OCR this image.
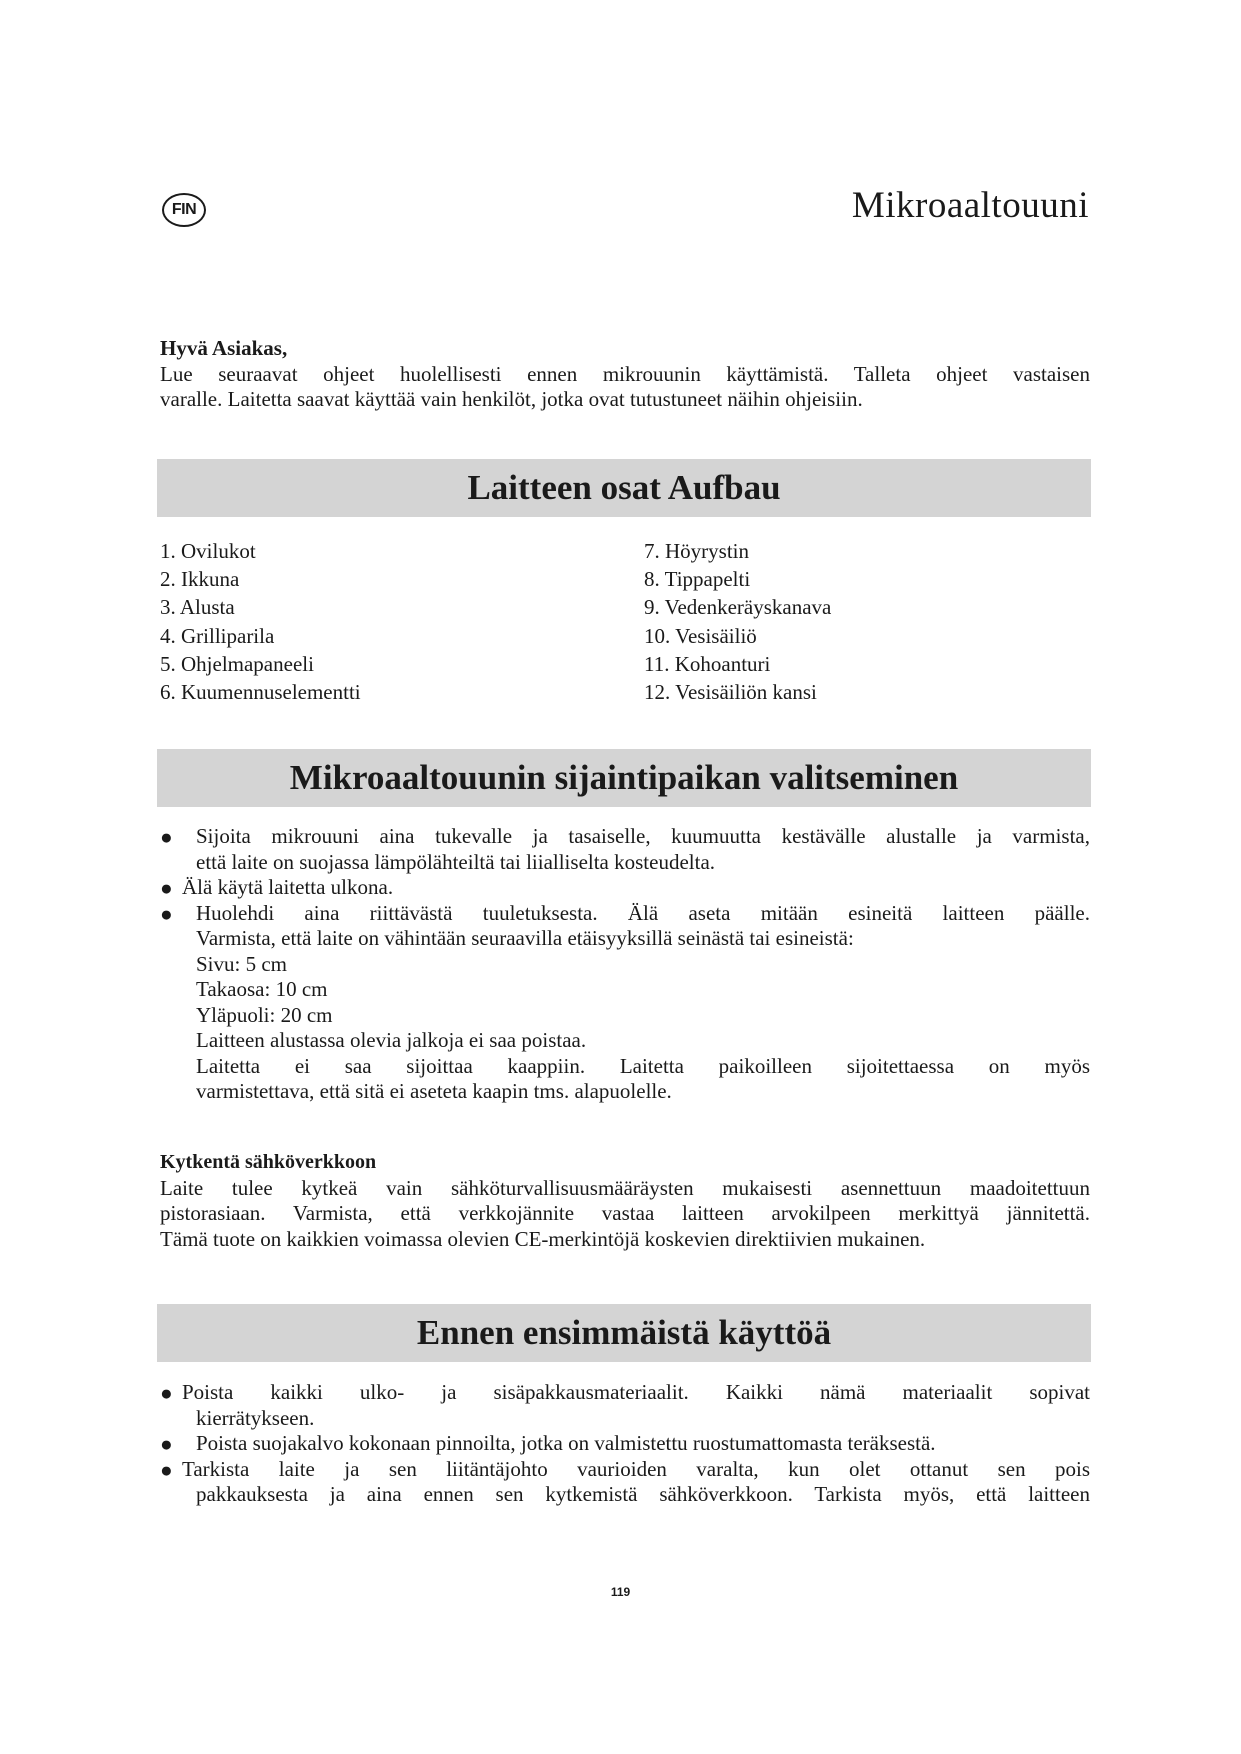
FIN	Mikroaaltouuni
Hyvä Asiakas,
Lue seuraavat ohjeet huolellisesti ennen mikrouunin käyttämistä. Talleta ohjeet vastaisen
varalle. Laitetta saavat käyttää vain henkilöt, jotka ovat tutustuneet näihin ohjeisiin.
Laitteen osat Aufbau
1. Ovilukot
2. Ikkuna
3. Alusta
4. Grilliparila
5. Ohjelmapaneeli
6. Kuumennuselementti
7. Höyrystin
8. Tippapelti
9. Vedenkeräyskanava
10. Vesisäiliö
11. Kohoanturi
12. Vesisäiliön kansi
Mikroaaltouunin sijaintipaikan valitseminen
● Sijoita mikrouuni aina tukevalle ja tasaiselle, kuumuutta kestävälle alustalle ja varmista,
että laite on suojassa lämpölähteiltä tai liialliselta kosteudelta.
● Älä käytä laitetta ulkona.
● Huolehdi aina riittävästä tuuletuksesta. Älä aseta mitään esineitä laitteen päälle.
Varmista, että laite on vähintään seuraavilla etäisyyksillä seinästä tai esineistä:
Sivu: 5 cm
Takaosa: 10 cm
Yläpuoli: 20 cm
Laitteen alustassa olevia jalkoja ei saa poistaa.
Laitetta ei saa sijoittaa kaappiin. Laitetta paikoilleen sijoitettaessa on myös
varmistettava, että sitä ei aseteta kaapin tms. alapuolelle.
Kytkentä sähköverkkoon
Laite tulee kytkeä vain sähköturvallisuusmääräysten mukaisesti asennettuun maadoitettuun
pistorasiaan. Varmista, että verkkojännite vastaa laitteen arvokilpeen merkittyä jännitettä.
Tämä tuote on kaikkien voimassa olevien CE-merkintöjä koskevien direktiivien mukainen.
Ennen ensimmäistä käyttöä
● Poista kaikki ulko- ja sisäpakkausmateriaalit. Kaikki nämä materiaalit sopivat
kierrätykseen.
● Poista suojakalvo kokonaan pinnoilta, jotka on valmistettu ruostumattomasta teräksestä.
● Tarkista laite ja sen liitäntäjohto vaurioiden varalta, kun olet ottanut sen pois
pakkauksesta ja aina ennen sen kytkemistä sähköverkkoon. Tarkista myös, että laitteen
119
